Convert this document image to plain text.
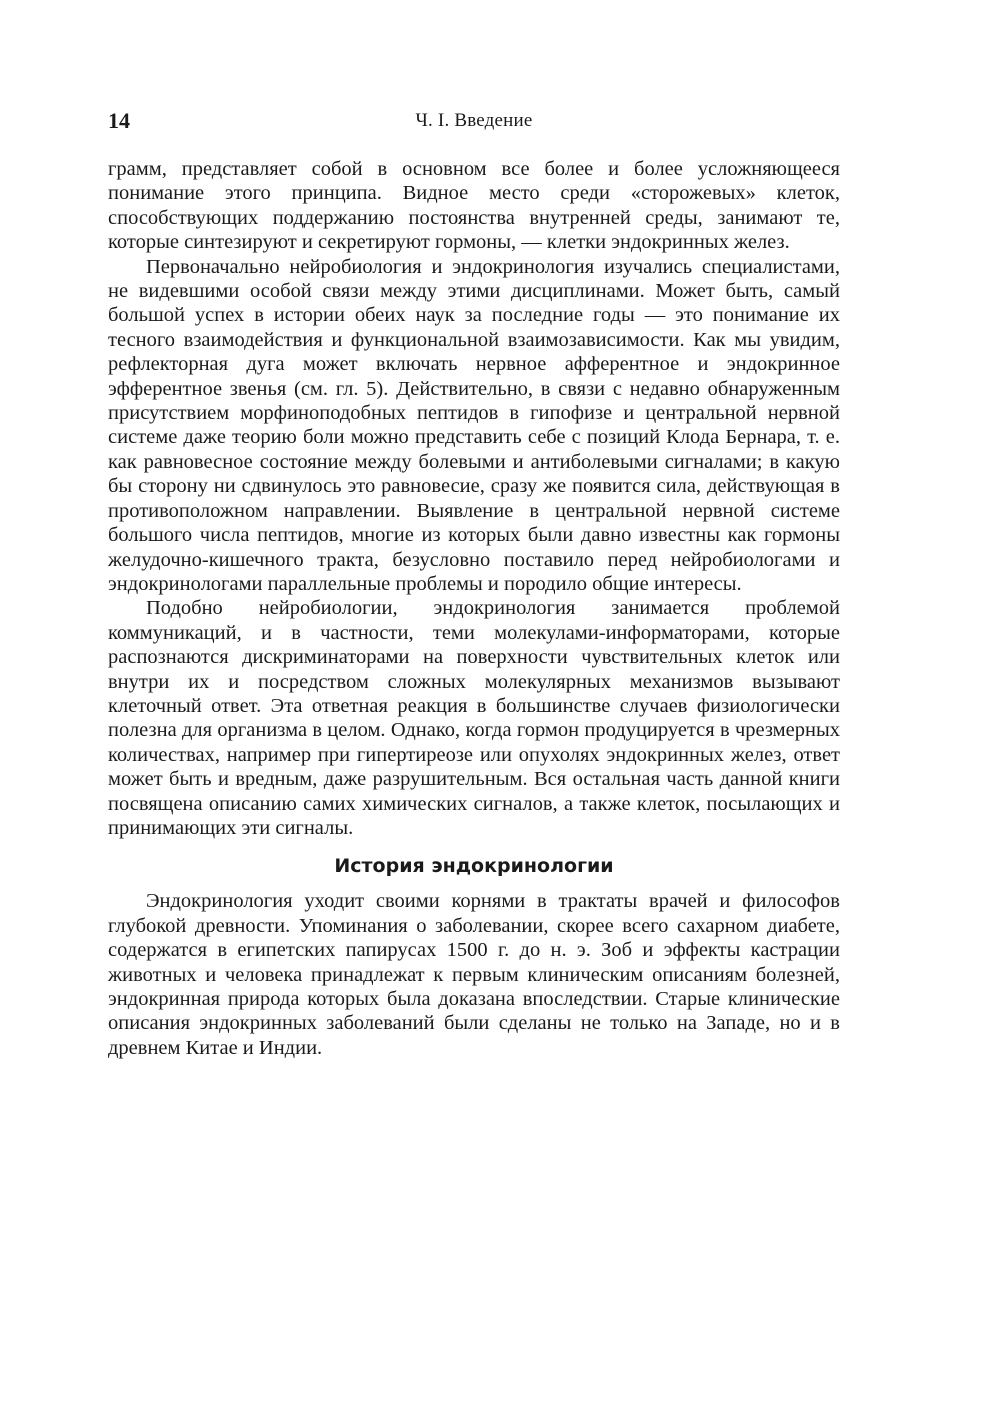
14	Ч. I. Введение

грамм, представляет собой в основном все более и более усложняющееся понимание этого принципа. Видное место среди «сторожевых» клеток, способствующих поддержанию постоянства внутренней среды, занимают те, которые синтезируют и секретируют гормоны, — клетки эндокринных желез.

Первоначально нейробиология и эндокринология изучались специалистами, не видевшими особой связи между этими дисциплинами. Может быть, самый большой успех в истории обеих наук за последние годы — это понимание их тесного взаимодействия и функциональной взаимозависимости. Как мы увидим, рефлекторная дуга может включать нервное афферентное и эндокринное эфферентное звенья (см. гл. 5). Действительно, в связи с недавно обнаруженным присутствием морфиноподобных пептидов в гипофизе и центральной нервной системе даже теорию боли можно представить себе с позиций Клода Бернара, т. е. как равновесное состояние между болевыми и антиболевыми сигналами; в какую бы сторону ни сдвинулось это равновесие, сразу же появится сила, действующая в противоположном направлении. Выявление в центральной нервной системе большого числа пептидов, многие из которых были давно известны как гормоны желудочно-кишечного тракта, безусловно поставило перед нейробиологами и эндокринологами параллельные проблемы и породило общие интересы.

Подобно нейробиологии, эндокринология занимается проблемой коммуникаций, и в частности, теми молекулами-информаторами, которые распознаются дискриминаторами на поверхности чувствительных клеток или внутри их и посредством сложных молекулярных механизмов вызывают клеточный ответ. Эта ответная реакция в большинстве случаев физиологически полезна для организма в целом. Однако, когда гормон продуцируется в чрезмерных количествах, например при гипертиреозе или опухолях эндокринных желез, ответ может быть и вредным, даже разрушительным. Вся остальная часть данной книги посвящена описанию самих химических сигналов, а также клеток, посылающих и принимающих эти сигналы.

История эндокринологии

Эндокринология уходит своими корнями в трактаты врачей и философов глубокой древности. Упоминания о заболевании, скорее всего сахарном диабете, содержатся в египетских папирусах 1500 г. до н. э. Зоб и эффекты кастрации животных и человека принадлежат к первым клиническим описаниям болезней, эндокринная природа которых была доказана впоследствии. Старые клинические описания эндокринных заболеваний были сделаны не только на Западе, но и в древнем Китае и Индии.
